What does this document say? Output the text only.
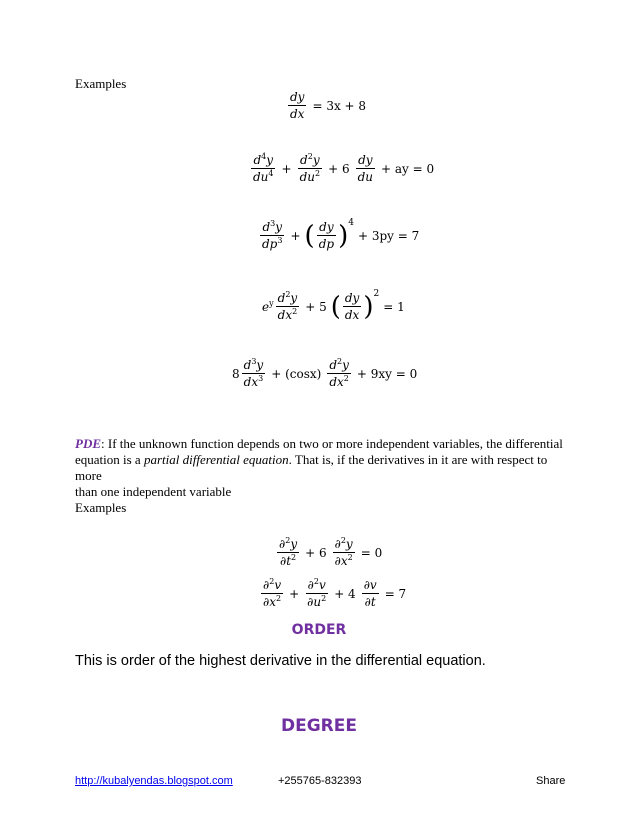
Examples
$\frac{dy}{dx} = 3x + 8$
$\frac{d^4y}{du^4} + \frac{d^2y}{du^2} + 6 \frac{dy}{du}$ + ay = 0
$\frac{d^3y}{dp^3}$ + ( $\frac{dy}{dp}$ ) 4
+ 3py = 7
$e^y \frac{d^2y}{dx^2} + 5$ ( $\frac{dy}{dx}$ ) 2
= 1
$8 \frac{d^3y}{dx^3} + (\cos x) \frac{d^2y}{dx^2} + 9xy = 0$
PDE: If the unknown function depends on two or more independent variables, the differential
equation is a partial differential equation. That is, if the derivatives in it are with respect to more
than one independent variable
Examples
$\frac{\partial^2y}{\partial t^2} + 6 \frac{\partial^2y}{\partial x^2} = 0$
$\frac{\partial^2v}{\partial x^2} + \frac{\partial^2v}{\partial u^2} + 4 \frac{\partial v}{\partial t} = 7$
ORDER
This is order of the highest derivative in the differential equation.
DEGREE
http://kubalyendas.blogspot.com	+255765-832393	Share
